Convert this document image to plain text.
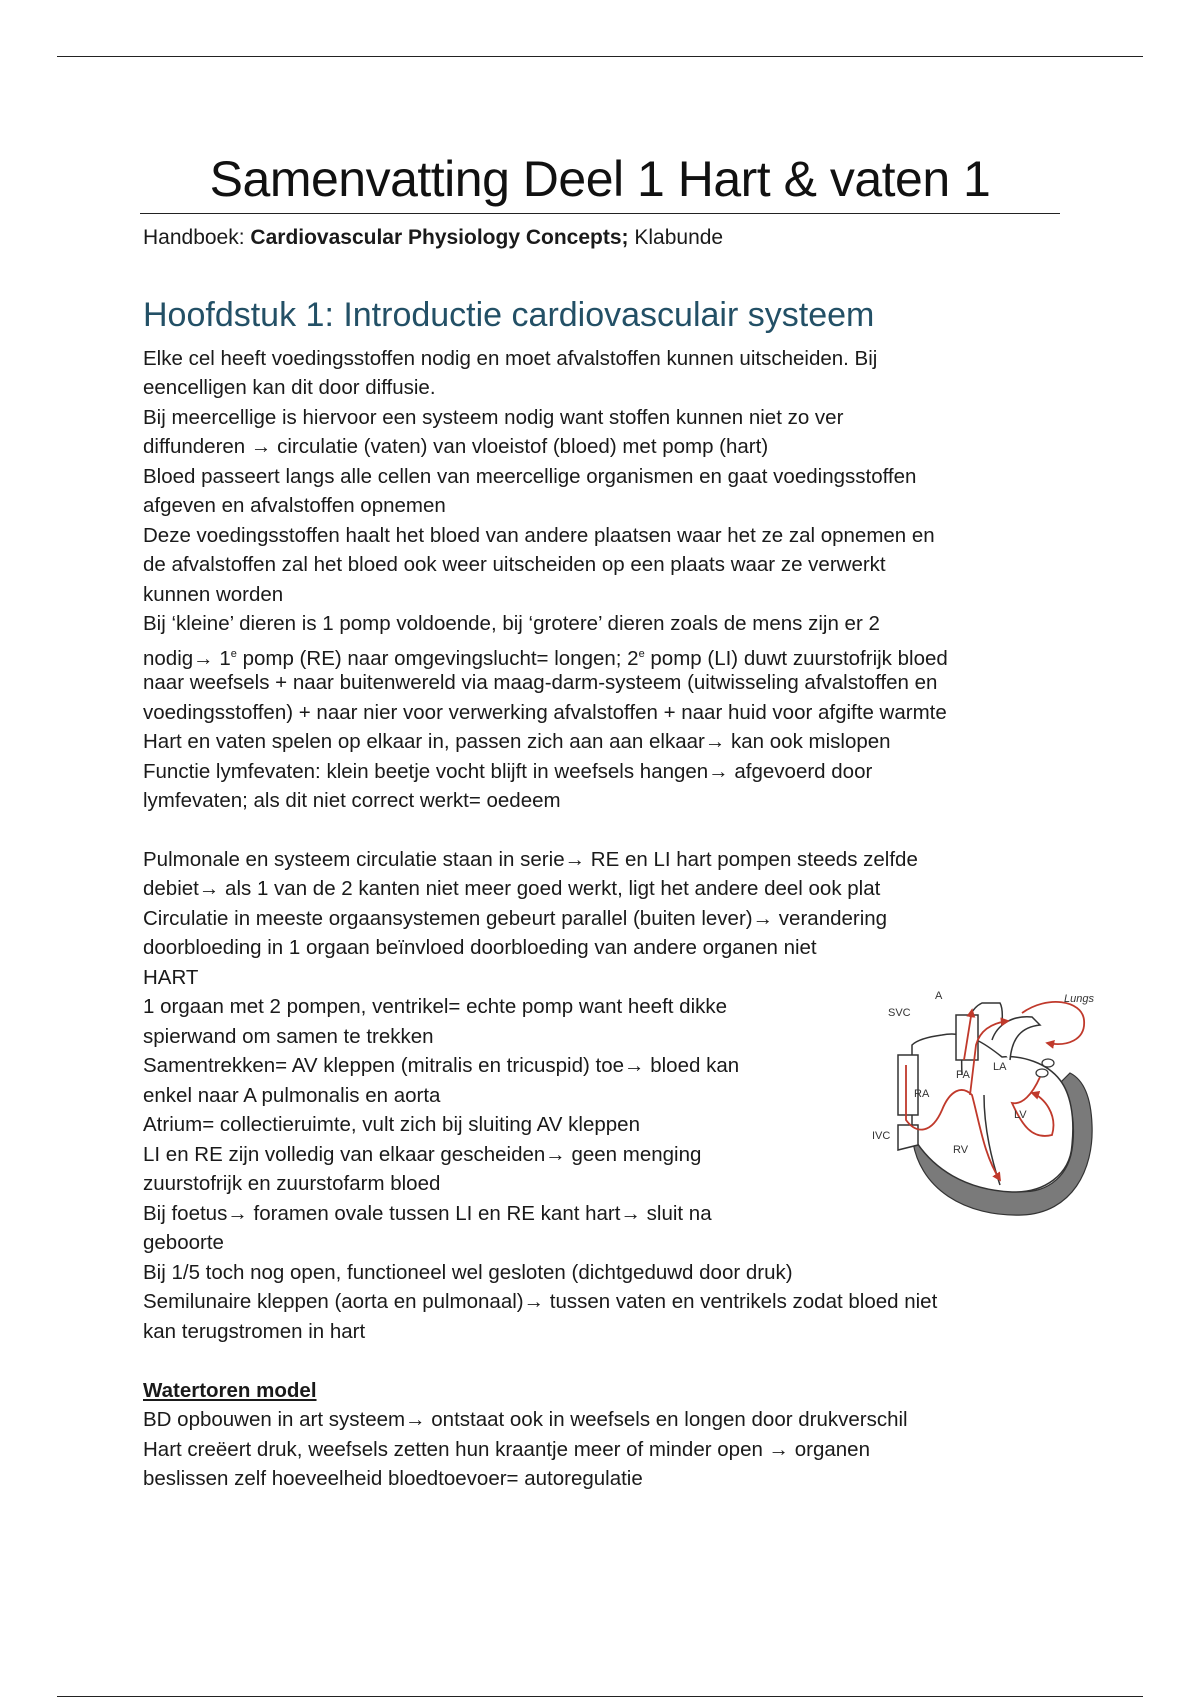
Samenvatting Deel 1 Hart & vaten 1
Handboek: Cardiovascular Physiology Concepts; Klabunde
Hoofdstuk 1: Introductie cardiovasculair systeem
Elke cel heeft voedingsstoffen nodig en moet afvalstoffen kunnen uitscheiden. Bij
eencelligen kan dit door diffusie.
Bij meercellige is hiervoor een systeem nodig want stoffen kunnen niet zo ver
diffunderen → circulatie (vaten) van vloeistof (bloed) met pomp (hart)
Bloed passeert langs alle cellen van meercellige organismen en gaat voedingsstoffen
afgeven en afvalstoffen opnemen
Deze voedingsstoffen haalt het bloed van andere plaatsen waar het ze zal opnemen en
de afvalstoffen zal het bloed ook weer uitscheiden op een plaats waar ze verwerkt
kunnen worden
Bij ‘kleine’ dieren is 1 pomp voldoende, bij ‘grotere’ dieren zoals de mens zijn er 2
nodig→ $1^e$ pomp (RE) naar omgevingslucht= longen; 2e pomp (LI) duwt zuurstofrijk bloed
naar weefsels + naar buitenwereld via maag-darm-systeem (uitwisseling afvalstoffen en
voedingsstoffen) + naar nier voor verwerking afvalstoffen + naar huid voor afgifte warmte
Hart en vaten spelen op elkaar in, passen zich aan aan elkaar→ kan ook mislopen
Functie lymfevaten: klein beetje vocht blijft in weefsels hangen→ afgevoerd door
lymfevaten; als dit niet correct werkt= oedeem
Pulmonale en systeem circulatie staan in serie→ RE en LI hart pompen steeds zelfde
debiet→ als 1 van de 2 kanten niet meer goed werkt, ligt het andere deel ook plat
Circulatie in meeste orgaansystemen gebeurt parallel (buiten lever)→ verandering
doorbloeding in 1 orgaan beïnvloed doorbloeding van andere organen niet
HART
1 orgaan met 2 pompen, ventrikel= echte pomp want heeft dikke
spierwand om samen te trekken
Samentrekken= AV kleppen (mitralis en tricuspid) toe→ bloed kan
enkel naar A pulmonalis en aorta
Atrium= collectieruimte, vult zich bij sluiting AV kleppen
LI en RE zijn volledig van elkaar gescheiden→ geen menging
zuurstofrijk en zuurstofarm bloed
Bij foetus→ foramen ovale tussen LI en RE kant hart→ sluit na
geboorte
Bij 1/5 toch nog open, functioneel wel gesloten (dichtgeduwd door druk)
Semilunaire kleppen (aorta en pulmonaal)→ tussen vaten en ventrikels zodat bloed niet
kan terugstromen in hart
Watertoren model
BD opbouwen in art systeem→ ontstaat ook in weefsels en longen door drukverschil
Hart creëert druk, weefsels zetten hun kraantje meer of minder open → organen
beslissen zelf hoeveelheid bloedtoevoer= autoregulatie
A
SVC
Lungs
RA
PA
LA
LV
IVC
RV
